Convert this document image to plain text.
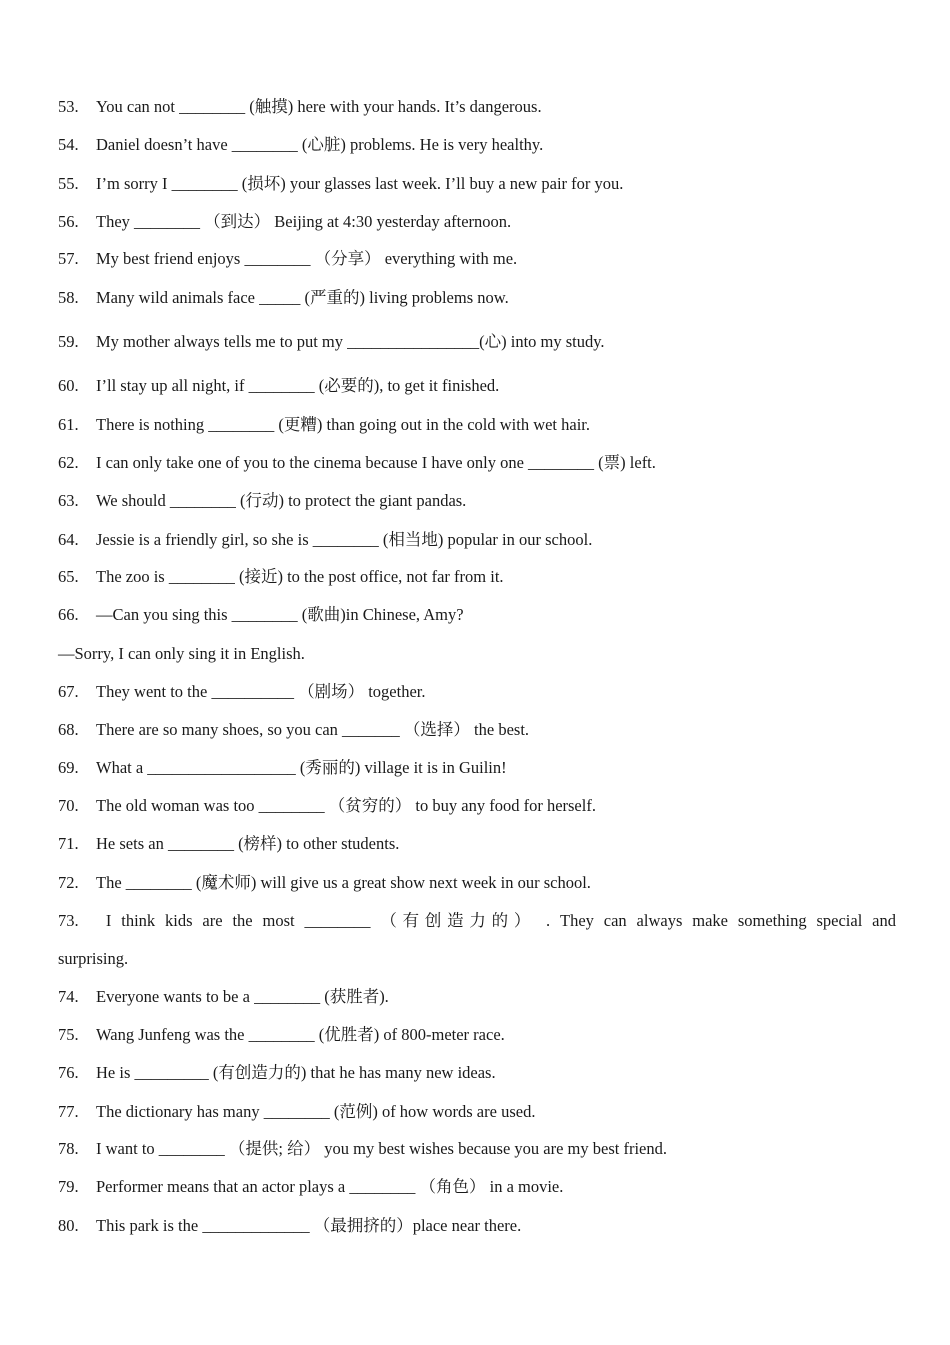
53. You can not ________ (触摸) here with your hands. It’s dangerous.
54. Daniel doesn’t have ________ (心脏) problems. He is very healthy.
55. I’m sorry I ________ (损坏) your glasses last week. I’ll buy a new pair for you.
56. They ________ （到达） Beijing at 4:30 yesterday afternoon.
57. My best friend enjoys ________ （分享） everything with me.
58. Many wild animals face _____ (严重的) living problems now.
59. My mother always tells me to put my ________________(心) into my study.
60. I’ll stay up all night, if ________ (必要的), to get it finished.
61. There is nothing ________ (更糟) than going out in the cold with wet hair.
62. I can only take one of you to the cinema because I have only one ________ (票) left.
63. We should ________ (行动) to protect the giant pandas.
64. Jessie is a friendly girl, so she is ________ (相当地) popular in our school.
65. The zoo is ________ (接近) to the post office, not far from it.
66. —Can you sing this ________ (歌曲)in Chinese, Amy?
—Sorry, I can only sing it in English.
67. They went to the __________ （剧场） together.
68. There are so many shoes, so you can _______ （选择） the best.
69. What a __________________ (秀丽的) village it is in Guilin!
70. The old woman was too ________ （贫穷的） to buy any food for herself.
71. He sets an ________ (榜样) to other students.
72. The ________ (魔术师) will give us a great show next week in our school.
73. I think kids are the most ________ （有创造力的） . They can always make something special and
surprising.
74. Everyone wants to be a ________ (获胜者).
75. Wang Junfeng was the ________ (优胜者) of 800-meter race.
76. He is _________ (有创造力的) that he has many new ideas.
77. The dictionary has many ________ (范例) of how words are used.
78. I want to ________ （提供; 给） you my best wishes because you are my best friend.
79. Performer means that an actor plays a ________ （角色） in a movie.
80. This park is the _____________ （最拥挤的）place near there.
